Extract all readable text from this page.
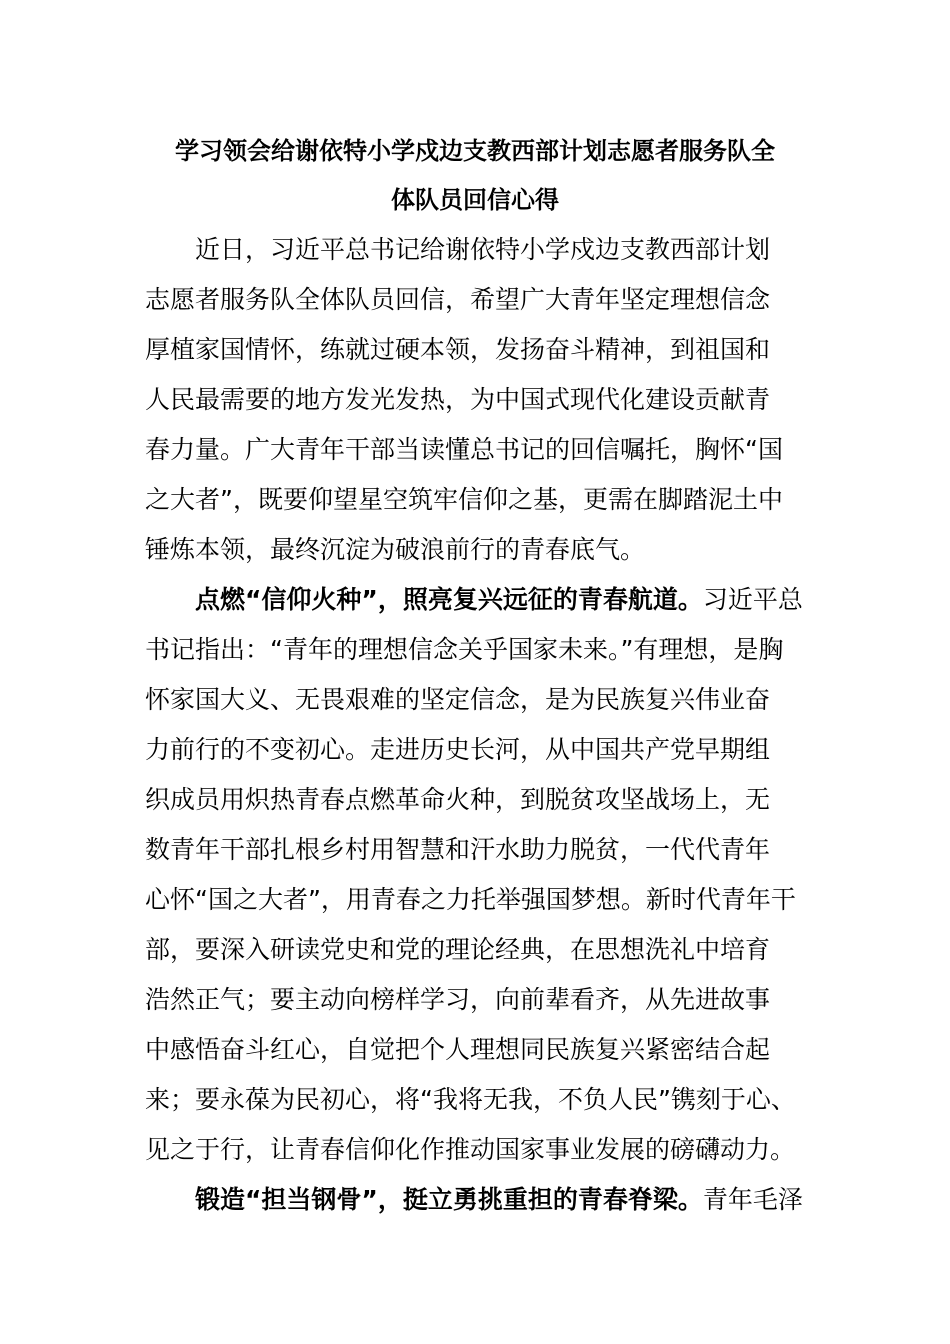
学习领会给谢依特小学戍边支教西部计划志愿者服务队全
体队员回信心得
近日，习近平总书记给谢依特小学戍边支教西部计划
志愿者服务队全体队员回信，希望广大青年坚定理想信念
厚植家国情怀，练就过硬本领，发扬奋斗精神，到祖国和
人民最需要的地方发光发热，为中国式现代化建设贡献青
春力量。广大青年干部当读懂总书记的回信嘱托，胸怀“国
之大者”，既要仰望星空筑牢信仰之基，更需在脚踏泥土中
锤炼本领，最终沉淀为破浪前行的青春底气。
点燃“信仰火种”，照亮复兴远征的青春航道。习近平总
书记指出：“青年的理想信念关乎国家未来。”有理想，是胸
怀家国大义、无畏艰难的坚定信念，是为民族复兴伟业奋
力前行的不变初心。走进历史长河，从中国共产党早期组
织成员用炽热青春点燃革命火种，到脱贫攻坚战场上，无
数青年干部扎根乡村用智慧和汗水助力脱贫，一代代青年
心怀“国之大者”，用青春之力托举强国梦想。新时代青年干
部，要深入研读党史和党的理论经典，在思想洗礼中培育
浩然正气；要主动向榜样学习，向前辈看齐，从先进故事
中感悟奋斗红心，自觉把个人理想同民族复兴紧密结合起
来；要永葆为民初心，将“我将无我，不负人民”镌刻于心、
见之于行，让青春信仰化作推动国家事业发展的磅礴动力。
锻造“担当钢骨”，挺立勇挑重担的青春脊梁。青年毛泽
